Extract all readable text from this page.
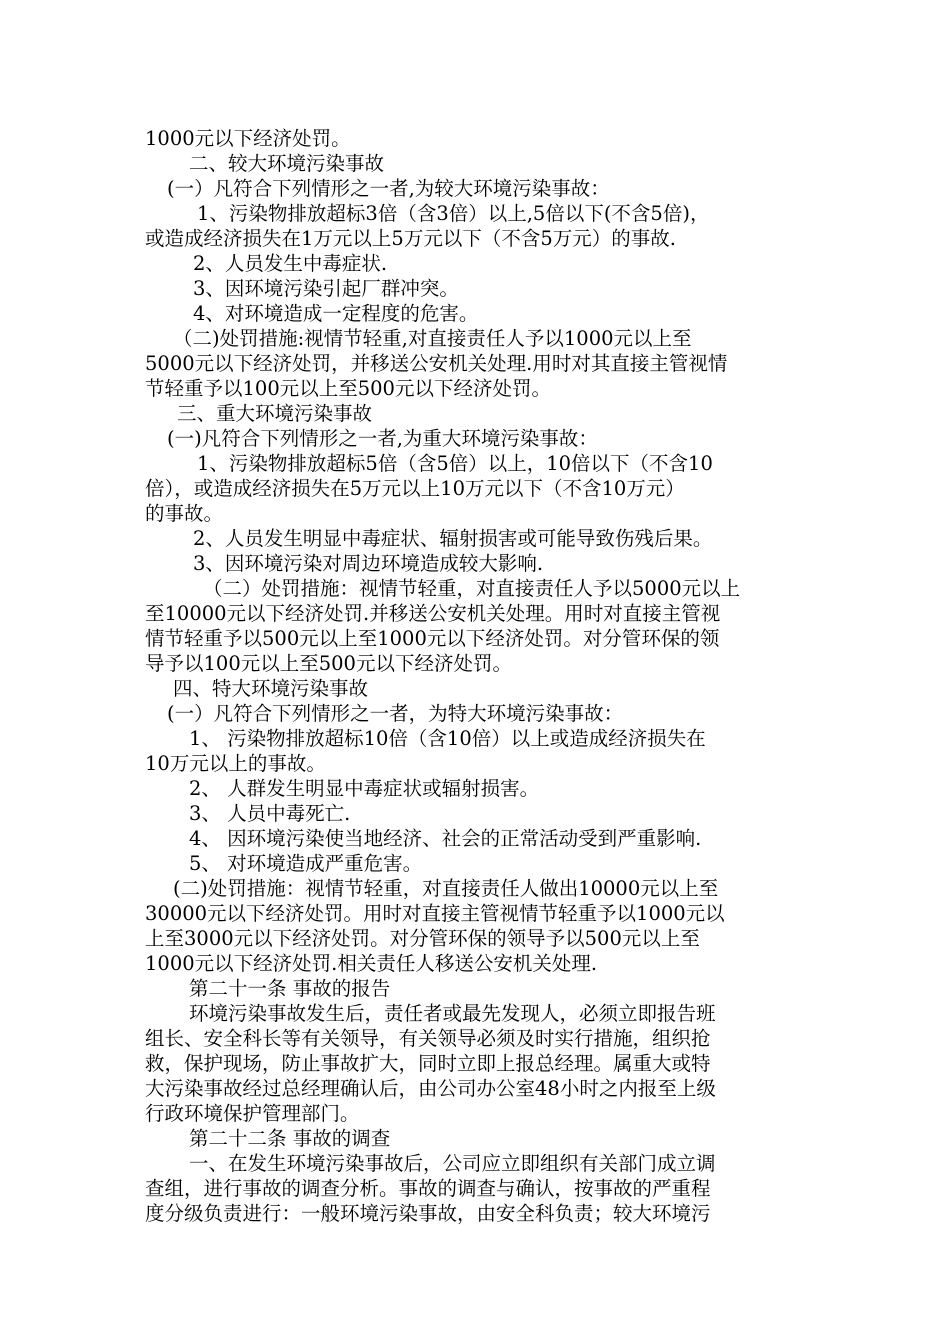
1000元以下经济处罚。
二、较大环境污染事故
(一）凡符合下列情形之一者,为较大环境污染事故：
1、污染物排放超标3倍（含3倍）以上,5倍以下(不含5倍)，
或造成经济损失在1万元以上5万元以下（不含5万元）的事故.
2、人员发生中毒症状.
3、因环境污染引起厂群冲突。
4、对环境造成一定程度的危害。
（二)处罚措施:视情节轻重,对直接责任人予以1000元以上至
5000元以下经济处罚，并移送公安机关处理.用时对其直接主管视情
节轻重予以100元以上至500元以下经济处罚。
三、重大环境污染事故
(一)凡符合下列情形之一者,为重大环境污染事故：
1、污染物排放超标5倍（含5倍）以上，10倍以下（不含10
倍），或造成经济损失在5万元以上10万元以下（不含10万元）
的事故。
2、人员发生明显中毒症状、辐射损害或可能导致伤残后果。
3、因环境污染对周边环境造成较大影响.
（二）处罚措施：视情节轻重，对直接责任人予以5000元以上
至10000元以下经济处罚.并移送公安机关处理。用时对直接主管视
情节轻重予以500元以上至1000元以下经济处罚。对分管环保的领
导予以100元以上至500元以下经济处罚。
四、特大环境污染事故
(一）凡符合下列情形之一者，为特大环境污染事故：
1、 污染物排放超标10倍（含10倍）以上或造成经济损失在
10万元以上的事故。
2、 人群发生明显中毒症状或辐射损害。
3、 人员中毒死亡.
4、 因环境污染使当地经济、社会的正常活动受到严重影响.
5、 对环境造成严重危害。
(二)处罚措施：视情节轻重，对直接责任人做出10000元以上至
30000元以下经济处罚。用时对直接主管视情节轻重予以1000元以
上至3000元以下经济处罚。对分管环保的领导予以500元以上至
1000元以下经济处罚.相关责任人移送公安机关处理.
第二十一条 事故的报告
环境污染事故发生后，责任者或最先发现人，必须立即报告班
组长、安全科长等有关领导，有关领导必须及时实行措施，组织抢
救，保护现场，防止事故扩大，同时立即上报总经理。属重大或特
大污染事故经过总经理确认后，由公司办公室48小时之内报至上级
行政环境保护管理部门。
第二十二条 事故的调查
一、在发生环境污染事故后，公司应立即组织有关部门成立调
查组，进行事故的调查分析。事故的调查与确认，按事故的严重程
度分级负责进行：一般环境污染事故，由安全科负责；较大环境污
